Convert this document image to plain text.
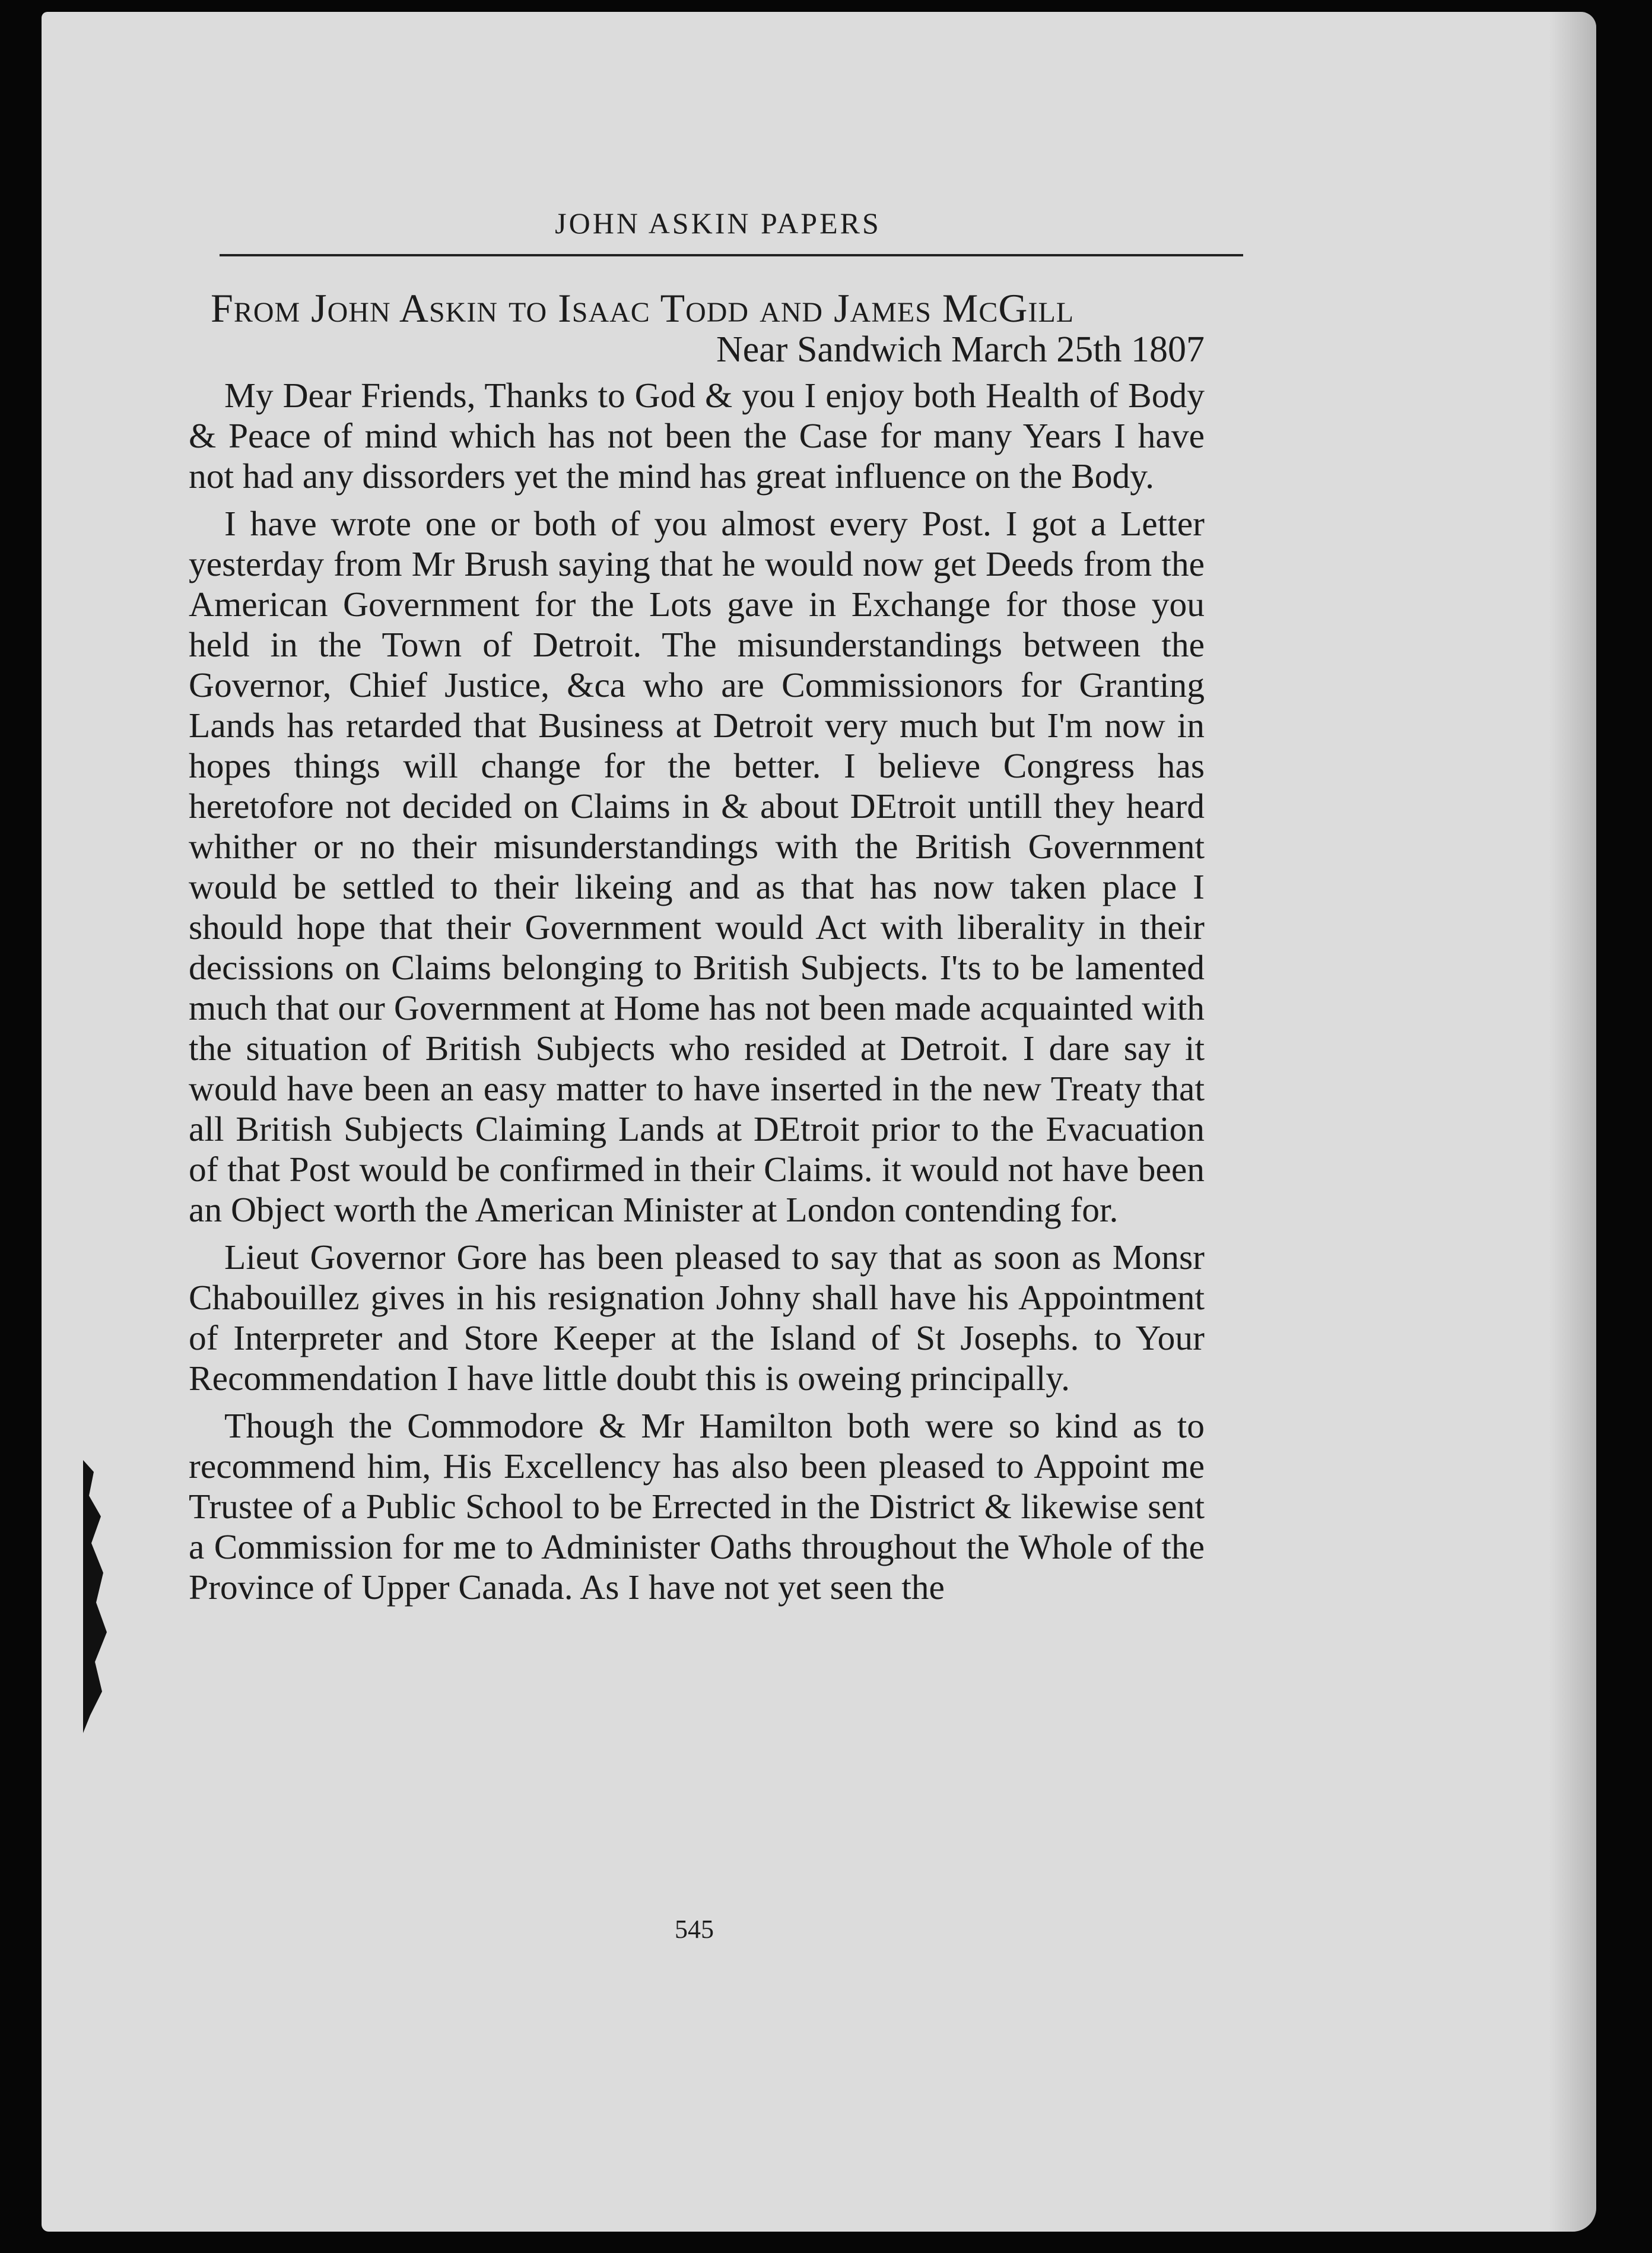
JOHN ASKIN PAPERS
From John Askin to Isaac Todd and James McGill
Near Sandwich March 25th 1807

My Dear Friends, Thanks to God & you I enjoy both Health of Body & Peace of mind which has not been the Case for many Years I have not had any dissorders yet the mind has great influence on the Body.

I have wrote one or both of you almost every Post. I got a Letter yesterday from Mr Brush saying that he would now get Deeds from the American Government for the Lots gave in Exchange for those you held in the Town of Detroit. The misunderstandings between the Governor, Chief Justice, &ca who are Commissionors for Granting Lands has retarded that Business at Detroit very much but I'm now in hopes things will change for the better. I believe Congress has heretofore not decided on Claims in & about DEtroit untill they heard whither or no their misunderstandings with the British Government would be settled to their likeing and as that has now taken place I should hope that their Government would Act with liberality in their decissions on Claims belonging to British Subjects. I'ts to be lamented much that our Government at Home has not been made acquainted with the situation of British Subjects who resided at Detroit. I dare say it would have been an easy matter to have inserted in the new Treaty that all British Subjects Claiming Lands at DEtroit prior to the Evacuation of that Post would be confirmed in their Claims. it would not have been an Object worth the American Minister at London contending for.

Lieut Governor Gore has been pleased to say that as soon as Monsr Chabouillez gives in his resignation Johny shall have his Appointment of Interpreter and Store Keeper at the Island of St Josephs. to Your Recommendation I have little doubt this is oweing principally.

Though the Commodore & Mr Hamilton both were so kind as to recommend him, His Excellency has also been pleased to Appoint me Trustee of a Public School to be Errected in the District & likewise sent a Commission for me to Administer Oaths throughout the Whole of the Province of Upper Canada. As I have not yet seen the

545
